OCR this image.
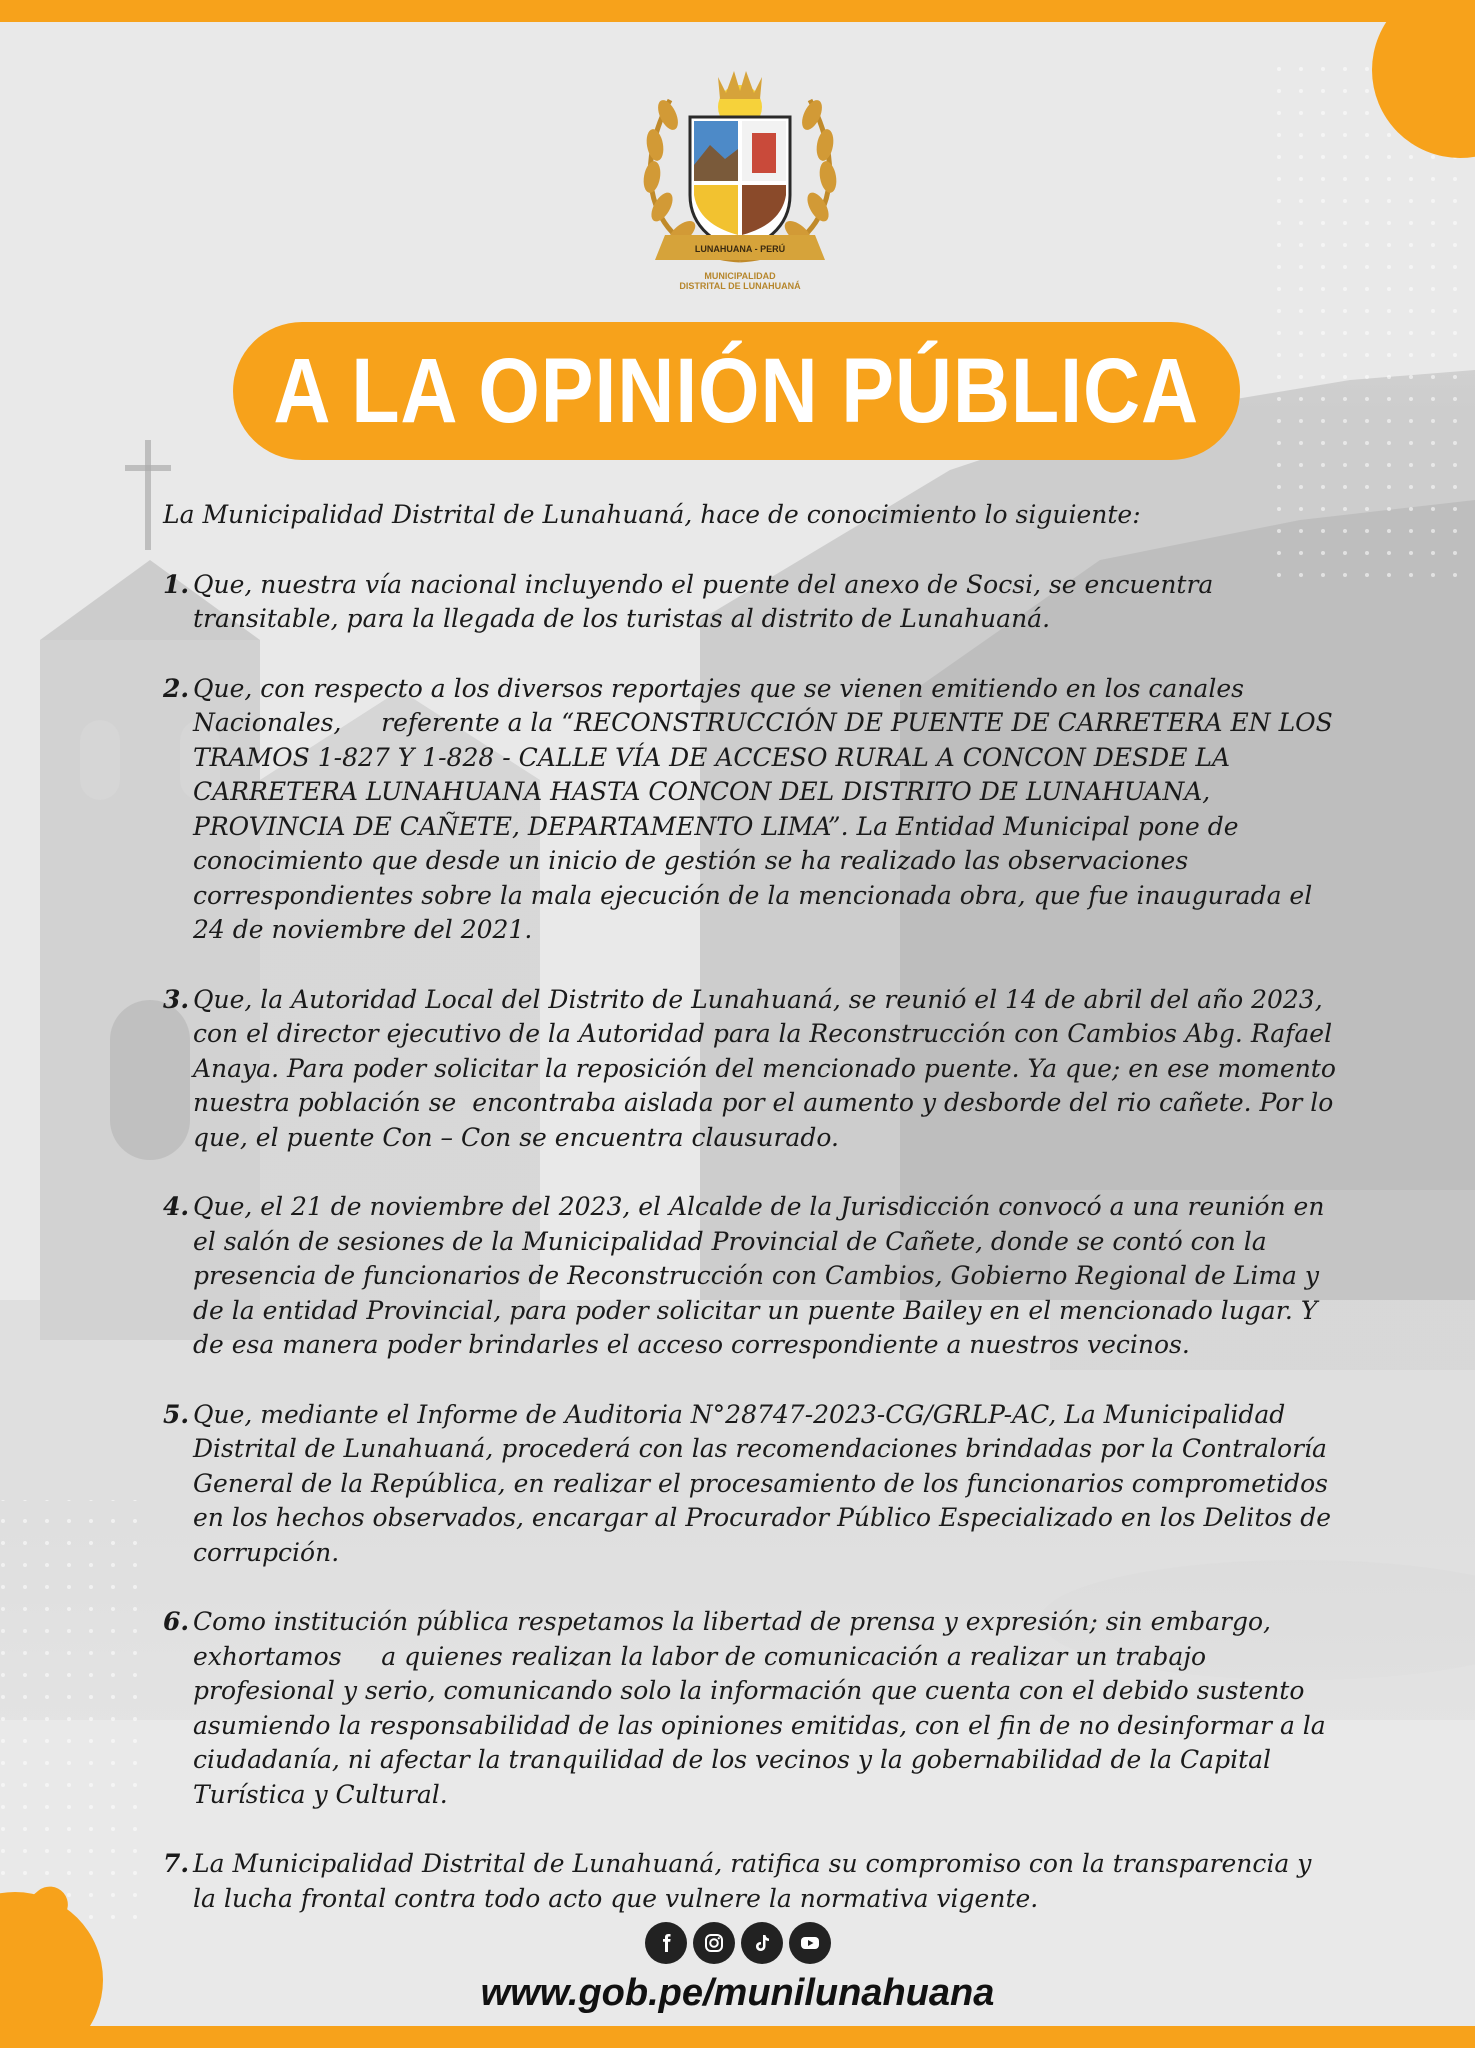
LUNAHUANA - PERÚ
MUNICIPALIDAD
DISTRITAL DE LUNAHUANÁ
A LA OPINIÓN PÚBLICA

La Municipalidad Distrital de Lunahuaná, hace de conocimiento lo siguiente:

1. Que, nuestra vía nacional incluyendo el puente del anexo de Socsi, se encuentra transitable, para la llegada de los turistas al distrito de Lunahuaná.
2. Que, con respecto a los diversos reportajes que se vienen emitiendo en los canales Nacionales,     referente a la “RECONSTRUCCIÓN DE PUENTE DE CARRETERA EN LOS TRAMOS 1-827 Y 1-828 - CALLE VÍA DE ACCESO RURAL A CONCON DESDE LA CARRETERA LUNAHUANA HASTA CONCON DEL DISTRITO DE LUNAHUANA, PROVINCIA DE CAÑETE, DEPARTAMENTO LIMA”. La Entidad Municipal pone de conocimiento que desde un inicio de gestión se ha realizado las observaciones correspondientes sobre la mala ejecución de la mencionada obra, que fue inaugurada el 24 de noviembre del 2021.
3. Que, la Autoridad Local del Distrito de Lunahuaná, se reunió el 14 de abril del año 2023, con el director ejecutivo de la Autoridad para la Reconstrucción con Cambios Abg. Rafael Anaya. Para poder solicitar la reposición del mencionado puente. Ya que; en ese momento nuestra población se  encontraba aislada por el aumento y desborde del rio cañete. Por lo que, el puente Con – Con se encuentra clausurado.
4. Que, el 21 de noviembre del 2023, el Alcalde de la Jurisdicción convocó a una reunión en el salón de sesiones de la Municipalidad Provincial de Cañete, donde se contó con la presencia de funcionarios de Reconstrucción con Cambios, Gobierno Regional de Lima y de la entidad Provincial, para poder solicitar un puente Bailey en el mencionado lugar. Y de esa manera poder brindarles el acceso correspondiente a nuestros vecinos.
5. Que, mediante el Informe de Auditoria N°28747-2023-CG/GRLP-AC, La Municipalidad Distrital de Lunahuaná, procederá con las recomendaciones brindadas por la Contraloría General de la República, en realizar el procesamiento de los funcionarios comprometidos en los hechos observados, encargar al Procurador Público Especializado en los Delitos de corrupción.
6. Como institución pública respetamos la libertad de prensa y expresión; sin embargo, exhortamos     a quienes realizan la labor de comunicación a realizar un trabajo profesional y serio, comunicando solo la información que cuenta con el debido sustento asumiendo la responsabilidad de las opiniones emitidas, con el fin de no desinformar a la ciudadanía, ni afectar la tranquilidad de los vecinos y la gobernabilidad de la Capital Turística y Cultural.
7. La Municipalidad Distrital de Lunahuaná, ratifica su compromiso con la transparencia y la lucha frontal contra todo acto que vulnere la normativa vigente.
www.gob.pe/munilunahuana
